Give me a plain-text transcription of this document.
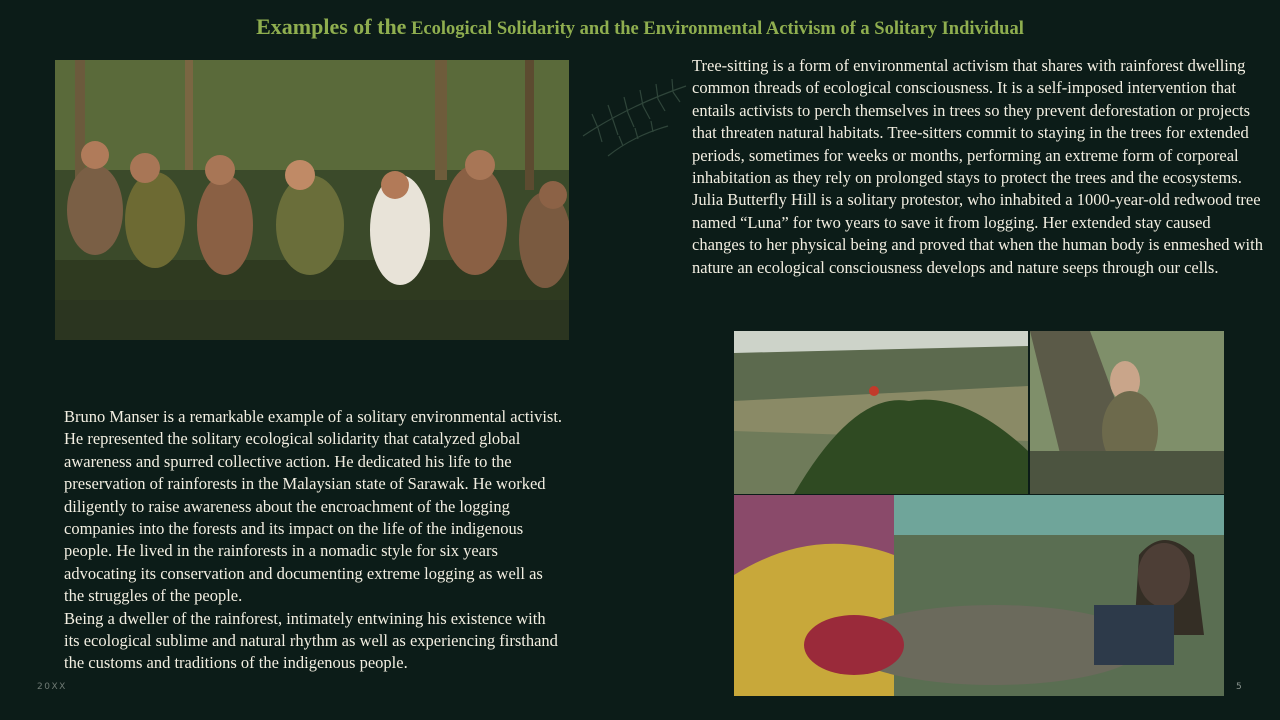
Examples of the Ecological Solidarity and the Environmental Activism of a Solitary Individual

Tree-sitting is a form of environmental activism that shares with rainforest dwelling common threads of ecological consciousness. It is a self-imposed intervention that entails activists to perch themselves in trees so they prevent deforestation or projects that threaten natural habitats. Tree-sitters commit to staying in the trees for extended periods, sometimes for weeks or months, performing an extreme form of corporeal inhabitation as they rely on prolonged stays to protect the trees and the ecosystems. Julia Butterfly Hill is a solitary protestor, who inhabited a 1000-year-old redwood tree named “Luna” for two years to save it from logging. Her extended stay caused changes to her physical being and proved that when the human body is enmeshed with nature an ecological consciousness develops and nature seeps through our cells.

Bruno Manser is a remarkable example of a solitary environmental activist. He represented the solitary ecological solidarity that catalyzed global awareness and spurred collective action. He dedicated his life to the preservation of rainforests in the Malaysian state of Sarawak. He worked diligently to raise awareness about the encroachment of the logging companies into the forests and its impact on the life of the indigenous people. He lived in the rainforests in a nomadic style for six years advocating its conservation and documenting extreme logging as well as the struggles of the people.

Being a dweller of the rainforest, intimately entwining his existence with its ecological sublime and natural rhythm as well as experiencing firsthand the customs and traditions of the indigenous people.

20XX	5
